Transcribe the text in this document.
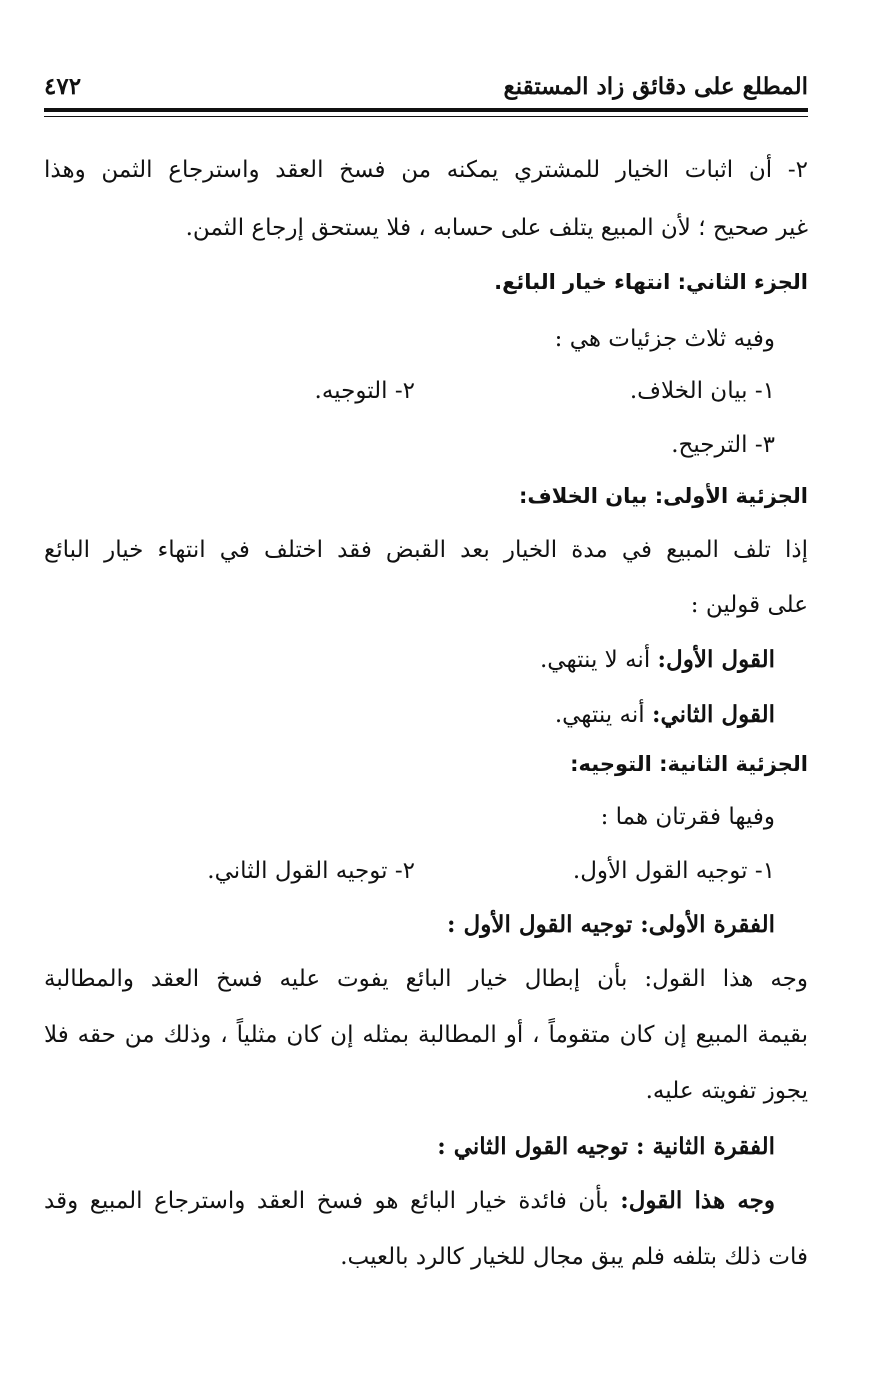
المطلع على دقائق زاد المستقنع
٤٧٢
٢- أن اثبات الخيار للمشتري يمكنه من فسخ العقد واسترجاع الثمن وهذا
غير صحيح ؛ لأن المبيع يتلف على حسابه ، فلا يستحق إرجاع الثمن.
الجزء الثاني: انتهاء خيار البائع.
وفيه ثلاث جزئيات هي :
١- بيان الخلاف.
٢- التوجيه.
٣- الترجيح.
الجزئية الأولى: بيان الخلاف:
إذا تلف المبيع في مدة الخيار بعد القبض فقد اختلف في انتهاء خيار البائع
على قولين :
القول الأول: أنه لا ينتهي.
القول الثاني: أنه ينتهي.
الجزئية الثانية: التوجيه:
وفيها فقرتان هما :
١- توجيه القول الأول.
٢- توجيه القول الثاني.
الفقرة الأولى: توجيه القول الأول :
وجه هذا القول: بأن إبطال خيار البائع يفوت عليه فسخ العقد والمطالبة
بقيمة المبيع إن كان متقوماً ، أو المطالبة بمثله إن كان مثلياً ، وذلك من حقه فلا
يجوز تفويته عليه.
الفقرة الثانية : توجيه القول الثاني :
وجه هذا القول: بأن فائدة خيار البائع هو فسخ العقد واسترجاع المبيع وقد
فات ذلك بتلفه فلم يبق مجال للخيار كالرد بالعيب.
